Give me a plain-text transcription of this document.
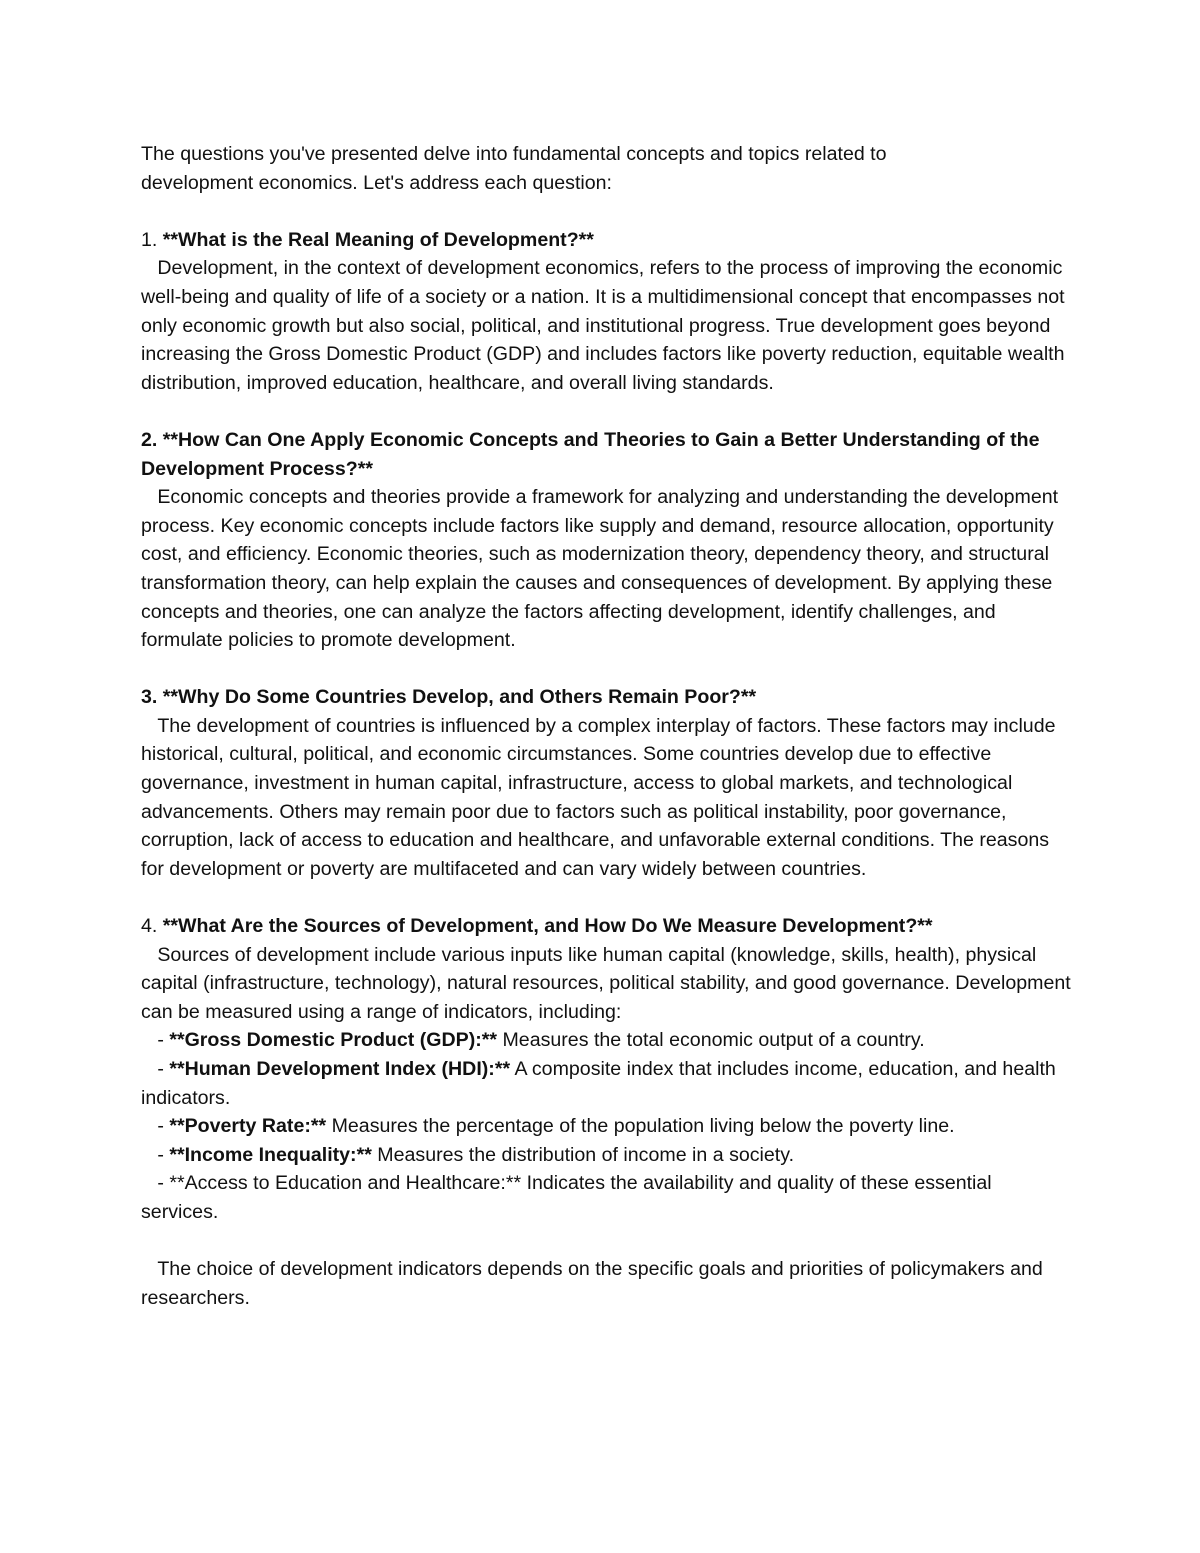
The questions you've presented delve into fundamental concepts and topics related to
development economics. Let's address each question:

1. **What is the Real Meaning of Development?**

Development, in the context of development economics, refers to the process of improving the economic well-being and quality of life of a society or a nation. It is a multidimensional concept that encompasses not only economic growth but also social, political, and institutional progress. True development goes beyond increasing the Gross Domestic Product (GDP) and includes factors like poverty reduction, equitable wealth distribution, improved education, healthcare, and overall living standards.

2. **How Can One Apply Economic Concepts and Theories to Gain a Better Understanding of the Development Process?**

Economic concepts and theories provide a framework for analyzing and understanding the development process. Key economic concepts include factors like supply and demand, resource allocation, opportunity cost, and efficiency. Economic theories, such as modernization theory, dependency theory, and structural transformation theory, can help explain the causes and consequences of development. By applying these concepts and theories, one can analyze the factors affecting development, identify challenges, and formulate policies to promote development.

3. **Why Do Some Countries Develop, and Others Remain Poor?**

The development of countries is influenced by a complex interplay of factors. These factors may include historical, cultural, political, and economic circumstances. Some countries develop due to effective governance, investment in human capital, infrastructure, access to global markets, and technological advancements. Others may remain poor due to factors such as political instability, poor governance, corruption, lack of access to education and healthcare, and unfavorable external conditions. The reasons for development or poverty are multifaceted and can vary widely between countries.

4. **What Are the Sources of Development, and How Do We Measure Development?**

Sources of development include various inputs like human capital (knowledge, skills, health), physical capital (infrastructure, technology), natural resources, political stability, and good governance. Development can be measured using a range of indicators, including:

- **Gross Domestic Product (GDP):** Measures the total economic output of a country.

- **Human Development Index (HDI):** A composite index that includes income, education, and health indicators.

- **Poverty Rate:** Measures the percentage of the population living below the poverty line.

- **Income Inequality:** Measures the distribution of income in a society.

- **Access to Education and Healthcare:** Indicates the availability and quality of these essential services.

The choice of development indicators depends on the specific goals and priorities of policymakers and researchers.
